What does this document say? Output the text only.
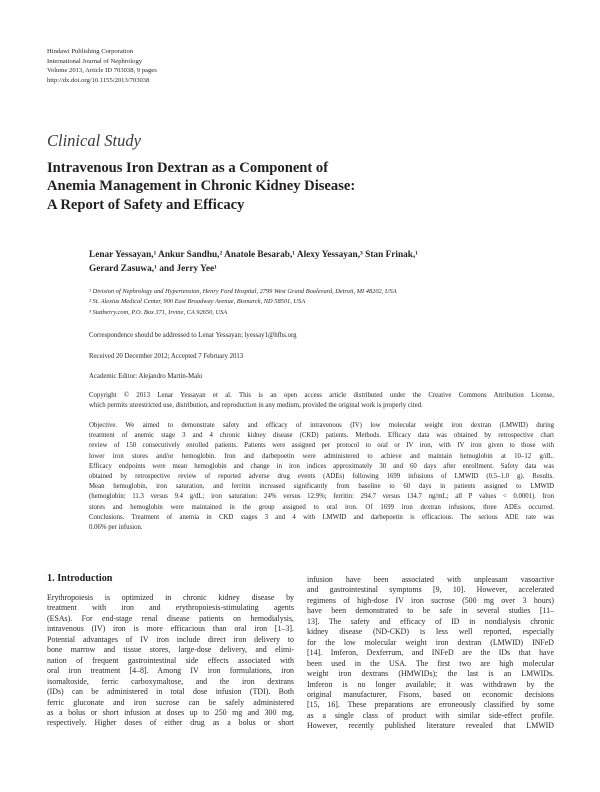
Hindawi Publishing Corporation
International Journal of Nephrology
Volume 2013, Article ID 703038, 9 pages
http://dx.doi.org/10.1155/2013/703038
Clinical Study
Intravenous Iron Dextran as a Component of
Anemia Management in Chronic Kidney Disease:
A Report of Safety and Efficacy
Lenar Yessayan,¹ Ankur Sandhu,² Anatole Besarab,¹ Alexy Yessayan,³ Stan Frinak,¹
Gerard Zasuwa,¹ and Jerry Yee¹
¹ Division of Nephrology and Hypertension, Henry Ford Hospital, 2799 West Grand Boulevard, Detroit, MI 48202, USA
² St. Alexius Medical Center, 900 East Broadway Avenue, Bismarck, ND 58501, USA
³ Statberry.com, P.O. Box 371, Irvine, CA 92650, USA
Correspondence should be addressed to Lenar Yessayan; lyessay1@hfhs.org
Received 20 December 2012; Accepted 7 February 2013
Academic Editor: Alejandro Martín-Malo
Copyright © 2013 Lenar Yessayan et al. This is an open access article distributed under the Creative Commons Attribution License,
which permits unrestricted use, distribution, and reproduction in any medium, provided the original work is properly cited.
Objective. We aimed to demonstrate safety and efficacy of intravenous (IV) low molecular weight iron dextran (LMWID) during
treatment of anemic stage 3 and 4 chronic kidney disease (CKD) patients. Methods. Efficacy data was obtained by retrospective chart
review of 150 consecutively enrolled patients. Patients were assigned per protocol to oral or IV iron, with IV iron given to those with
lower iron stores and/or hemoglobin. Iron and darbepoetin were administered to achieve and maintain hemoglobin at 10–12 g/dL.
Efficacy endpoints were mean hemoglobin and change in iron indices approximately 30 and 60 days after enrollment. Safety data was
obtained by retrospective review of reported adverse drug events (ADEs) following 1699 infusions of LMWID (0.5–1.0 g). Results.
Mean hemoglobin, iron saturation, and ferritin increased significantly from baseline to 60 days in patients assigned to LMWID
(hemoglobin: 11.3 versus 9.4 g/dL; iron saturation: 24% versus 12.9%; ferritin: 294.7 versus 134.7 ng/mL; all P values < 0.0001). Iron
stores and hemoglobin were maintained in the group assigned to oral iron. Of 1699 iron dextran infusions, three ADEs occurred.
Conclusions. Treatment of anemia in CKD stages 3 and 4 with LMWID and darbepoetin is efficacious. The serious ADE rate was
0.06% per infusion.
1. Introduction
Erythropoiesis is optimized in chronic kidney disease by
treatment with iron and erythropoiesis-stimulating agents
(ESAs). For end-stage renal disease patients on hemodialysis,
intravenous (IV) iron is more efficacious than oral iron [1–3].
Potential advantages of IV iron include direct iron delivery to
bone marrow and tissue stores, large-dose delivery, and elimi-
nation of frequent gastrointestinal side effects associated with
oral iron treatment [4–8]. Among IV iron formulations, iron
isomaltoside, ferric carboxymaltose, and the iron dextrans
(IDs) can be administered in total dose infusion (TDI). Both
ferric gluconate and iron sucrose can be safely administered
as a bolus or short infusion at doses up to 250 mg and 300 mg,
respectively. Higher doses of either drug as a bolus or short
infusion have been associated with unpleasant vasoactive
and gastrointestinal symptoms [9, 10]. However, accelerated
regimens of high-dose IV iron sucrose (500 mg over 3 hours)
have been demonstrated to be safe in several studies [11–
13]. The safety and efficacy of ID in nondialysis chronic
kidney disease (ND-CKD) is less well reported, especially
for the low molecular weight iron dextran (LMWID) INFeD
[14]. Imferon, Dexferrum, and INFeD are the IDs that have
been used in the USA. The first two are high molecular
weight iron dextrans (HMWIDs); the last is an LMWIDs.
Imferon is no longer available; it was withdrawn by the
original manufacturer, Fisons, based on economic decisions
[15, 16]. These preparations are erroneously classified by some
as a single class of product with similar side-effect profile.
However, recently published literature revealed that LMWID
